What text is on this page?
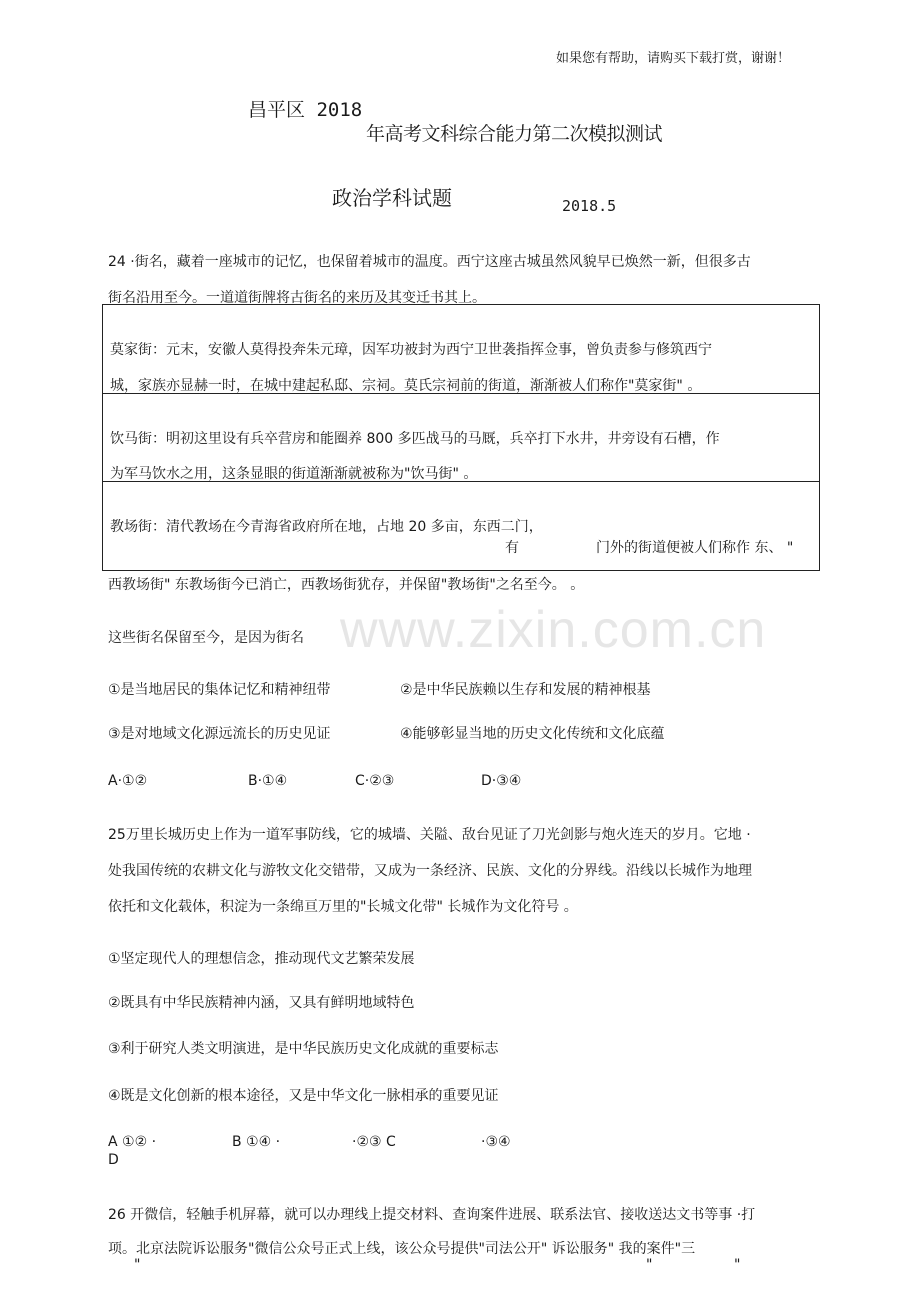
www.zixin.com.cn
如果您有帮助，请购买下载打赏，谢谢！
昌平区 2018
年高考文科综合能力第二次模拟测试
政治学科试题	2018.5
24 ·街名，藏着一座城市的记忆，也保留着城市的温度。西宁这座古城虽然风貌早已焕然一新，但很多古
街名沿用至今。一道道街牌将古街名的来历及其变迁书其上。
莫家街：元末，安徽人莫得投奔朱元璋，因军功被封为西宁卫世袭指挥佥事，曾负责参与修筑西宁
城，家族亦显赫一时，在城中建起私邸、宗祠。莫氏宗祠前的街道，渐渐被人们称作"莫家街" 。
饮马街：明初这里设有兵卒营房和能圈养 800 多匹战马的马厩，兵卒打下水井，井旁设有石槽，作
为军马饮水之用，这条显眼的街道渐渐就被称为"饮马街" 。
教场街：清代教场在今青海省政府所在地，占地 20 多亩，东西二门，
有	门外的街道便被人们称作 东、 "
西教场街" 东教场街今已消亡，西教场街犹存，并保留"教场街"之名至今。 。
这些街名保留至今，是因为街名
①是当地居民的集体记忆和精神纽带	②是中华民族赖以生存和发展的精神根基
③是对地域文化源远流长的历史见证	④能够彰显当地的历史文化传统和文化底蕴
A·①②	B·①④	C·②③	D·③④
25万里长城历史上作为一道军事防线，它的城墙、关隘、敌台见证了刀光剑影与炮火连天的岁月。它地 ·
处我国传统的农耕文化与游牧文化交错带，又成为一条经济、民族、文化的分界线。沿线以长城作为地理
依托和文化载体，积淀为一条绵亘万里的"长城文化带" 长城作为文化符号 。
①坚定现代人的理想信念，推动现代文艺繁荣发展
②既具有中华民族精神内涵，又具有鲜明地域特色
③利于研究人类文明演进，是中华民族历史文化成就的重要标志
④既是文化创新的根本途径，又是中华文化一脉相承的重要见证
A ①② ·	B ①④ ·	·②③ C	·③④
D
26 开微信，轻触手机屏幕，就可以办理线上提交材料、查询案件进展、联系法官、接收送达文书等事 ·打
项。北京法院诉讼服务"微信公众号正式上线，该公众号提供"司法公开" 诉讼服务" 我的案件"三
"	"	"
